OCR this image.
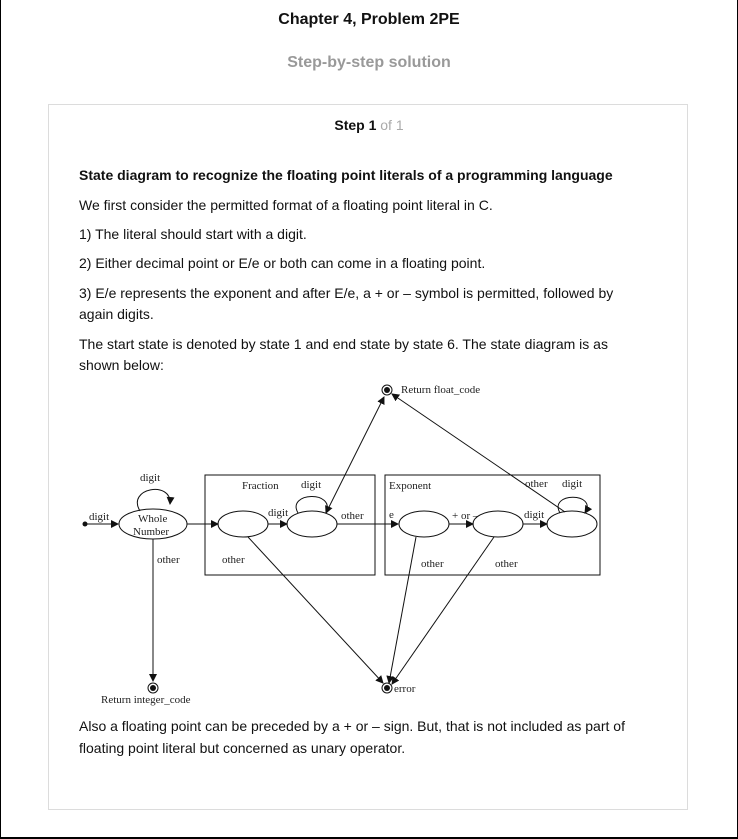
Chapter 4, Problem 2PE
Step-by-step solution
Step 1 of 1
State diagram to recognize the floating point literals of a programming language
We first consider the permitted format of a floating point literal in C.
1) The literal should start with a digit.
2) Either decimal point or E/e or both can come in a floating point.
3) E/e represents the exponent and after E/e, a + or – symbol is permitted, followed by again digits.
The start state is denoted by state 1 and end state by state 6. The state diagram is as shown below:
Return float_code
Fraction	Exponent
digit	Whole
Number
digit
other
Return integer_code
other
digit
digit
other e
other
+ or –
other
digit
digit
other
error
Also a floating point can be preceded by a + or – sign. But, that is not included as part of floating point literal but concerned as unary operator.
